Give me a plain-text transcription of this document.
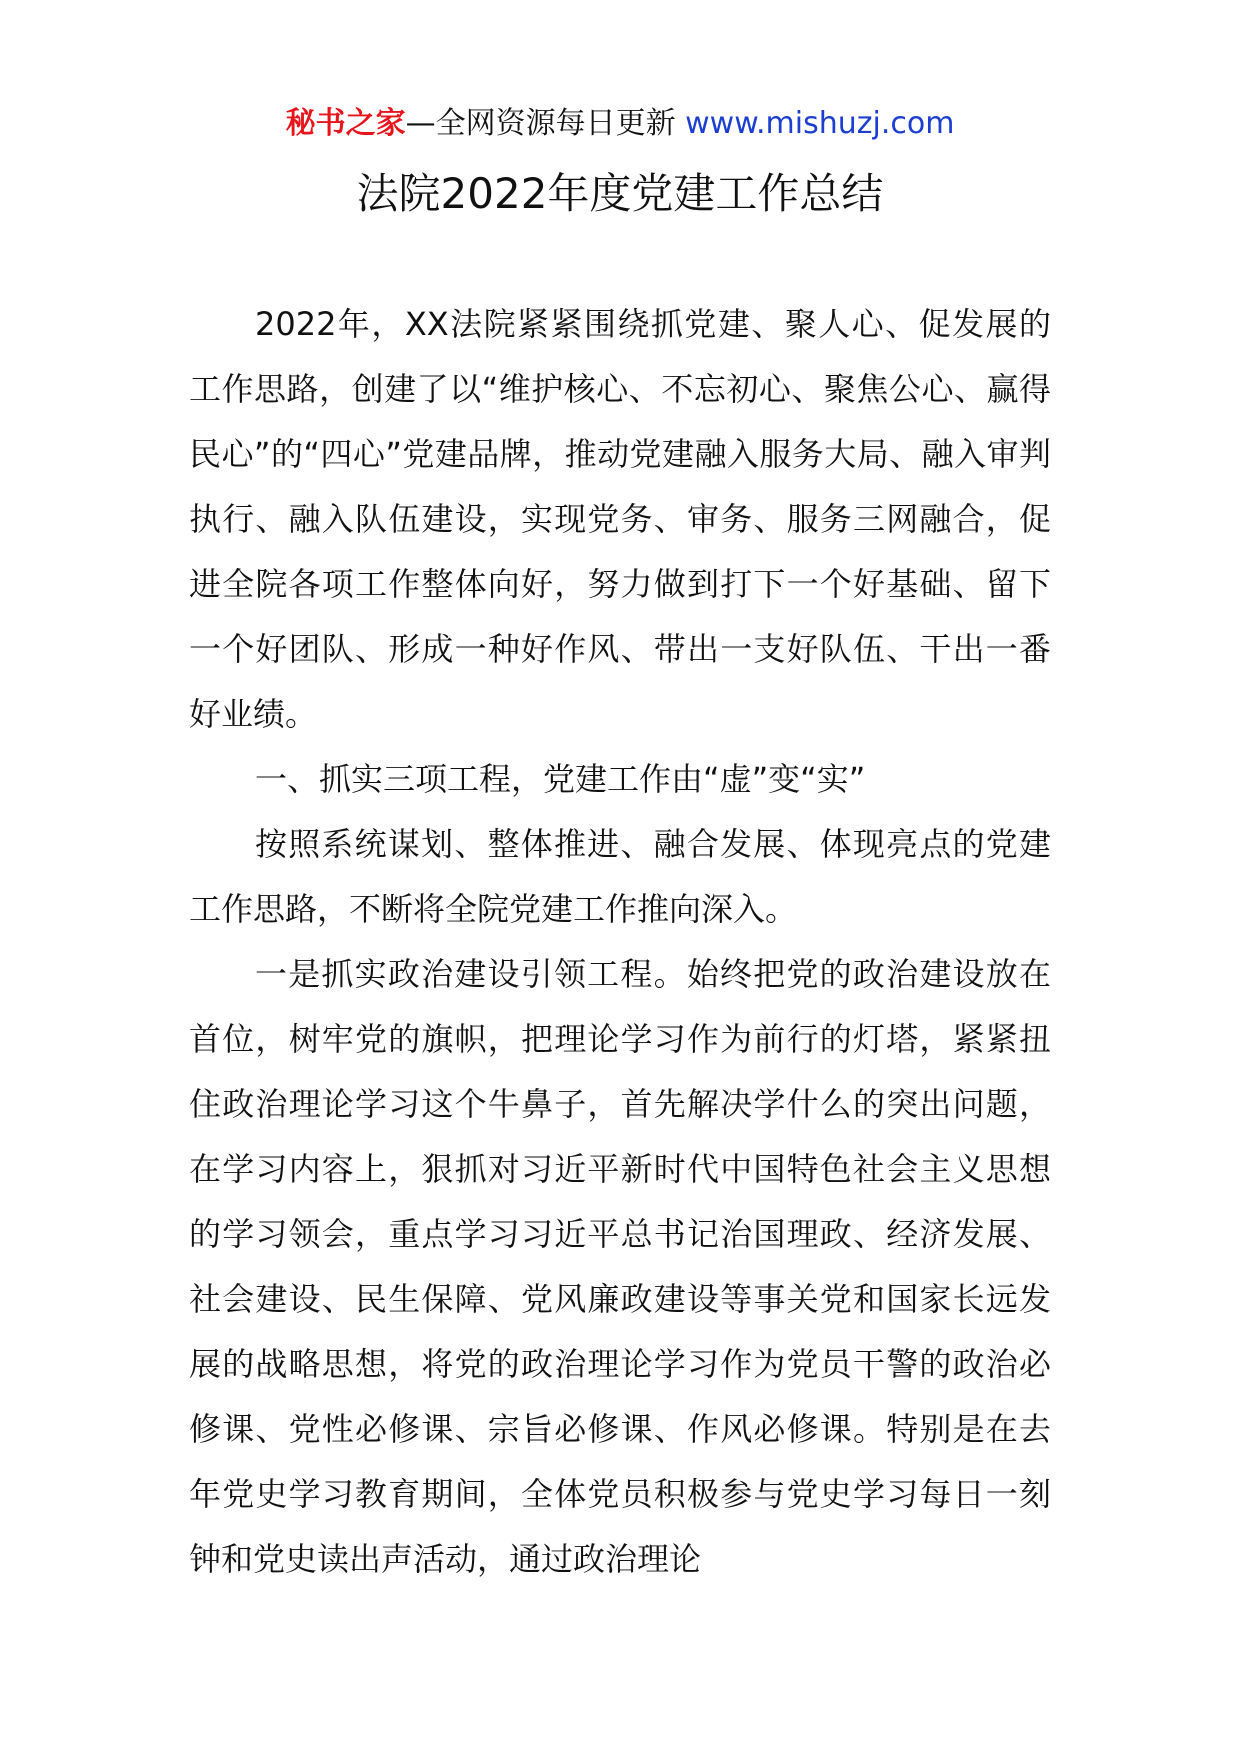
秘书之家—全网资源每日更新 www.mishuzj.com
法院2022年度党建工作总结

2022年，XX法院紧紧围绕抓党建、聚人心、促发展的工作思路，创建了以“维护核心、不忘初心、聚焦公心、赢得民心”的“四心”党建品牌，推动党建融入服务大局、融入审判执行、融入队伍建设，实现党务、审务、服务三网融合，促进全院各项工作整体向好，努力做到打下一个好基础、留下一个好团队、形成一种好作风、带出一支好队伍、干出一番好业绩。

一、抓实三项工程，党建工作由“虚”变“实”

按照系统谋划、整体推进、融合发展、体现亮点的党建工作思路，不断将全院党建工作推向深入。

一是抓实政治建设引领工程。始终把党的政治建设放在首位，树牢党的旗帜，把理论学习作为前行的灯塔，紧紧扭住政治理论学习这个牛鼻子，首先解决学什么的突出问题，在学习内容上，狠抓对习近平新时代中国特色社会主义思想的学习领会，重点学习习近平总书记治国理政、经济发展、社会建设、民生保障、党风廉政建设等事关党和国家长远发展的战略思想，将党的政治理论学习作为党员干警的政治必修课、党性必修课、宗旨必修课、作风必修课。特别是在去年党史学习教育期间，全体党员积极参与党史学习每日一刻钟和党史读出声活动，通过政治理论
